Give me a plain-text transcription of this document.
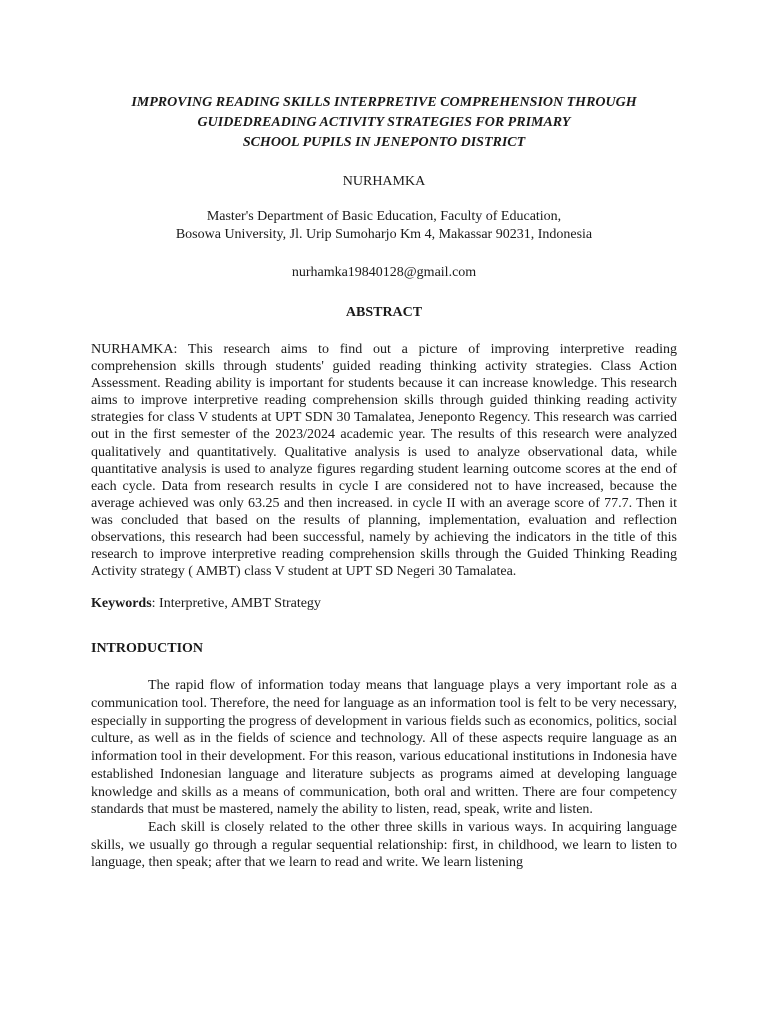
IMPROVING READING SKILLS INTERPRETIVE COMPREHENSION THROUGH
GUIDEDREADING ACTIVITY STRATEGIES FOR PRIMARY
SCHOOL PUPILS IN JENEPONTO DISTRICT
NURHAMKA
Master's Department of Basic Education, Faculty of Education,
Bosowa University, Jl. Urip Sumoharjo Km 4, Makassar 90231, Indonesia
nurhamka19840128@gmail.com
ABSTRACT

NURHAMKA: This research aims to find out a picture of improving interpretive reading comprehension skills through students' guided reading thinking activity strategies. Class Action Assessment. Reading ability is important for students because it can increase knowledge. This research aims to improve interpretive reading comprehension skills through guided thinking reading activity strategies for class V students at UPT SDN 30 Tamalatea, Jeneponto Regency. This research was carried out in the first semester of the 2023/2024 academic year. The results of this research were analyzed qualitatively and quantitatively. Qualitative analysis is used to analyze observational data, while quantitative analysis is used to analyze figures regarding student learning outcome scores at the end of each cycle. Data from research results in cycle I are considered not to have increased, because the average achieved was only 63.25 and then increased. in cycle II with an average score of 77.7. Then it was concluded that based on the results of planning, implementation, evaluation and reflection observations, this research had been successful, namely by achieving the indicators in the title of this research to improve interpretive reading comprehension skills through the Guided Thinking Reading Activity strategy ( AMBT) class V student at UPT SD Negeri 30 Tamalatea.

Keywords: Interpretive, AMBT Strategy
INTRODUCTION

The rapid flow of information today means that language plays a very important role as a communication tool. Therefore, the need for language as an information tool is felt to be very necessary, especially in supporting the progress of development in various fields such as economics, politics, social culture, as well as in the fields of science and technology. All of these aspects require language as an information tool in their development. For this reason, various educational institutions in Indonesia have established Indonesian language and literature subjects as programs aimed at developing language knowledge and skills as a means of communication, both oral and written. There are four competency standards that must be mastered, namely the ability to listen, read, speak, write and listen.

Each skill is closely related to the other three skills in various ways. In acquiring language skills, we usually go through a regular sequential relationship: first, in childhood, we learn to listen to language, then speak; after that we learn to read and write. We learn listening
